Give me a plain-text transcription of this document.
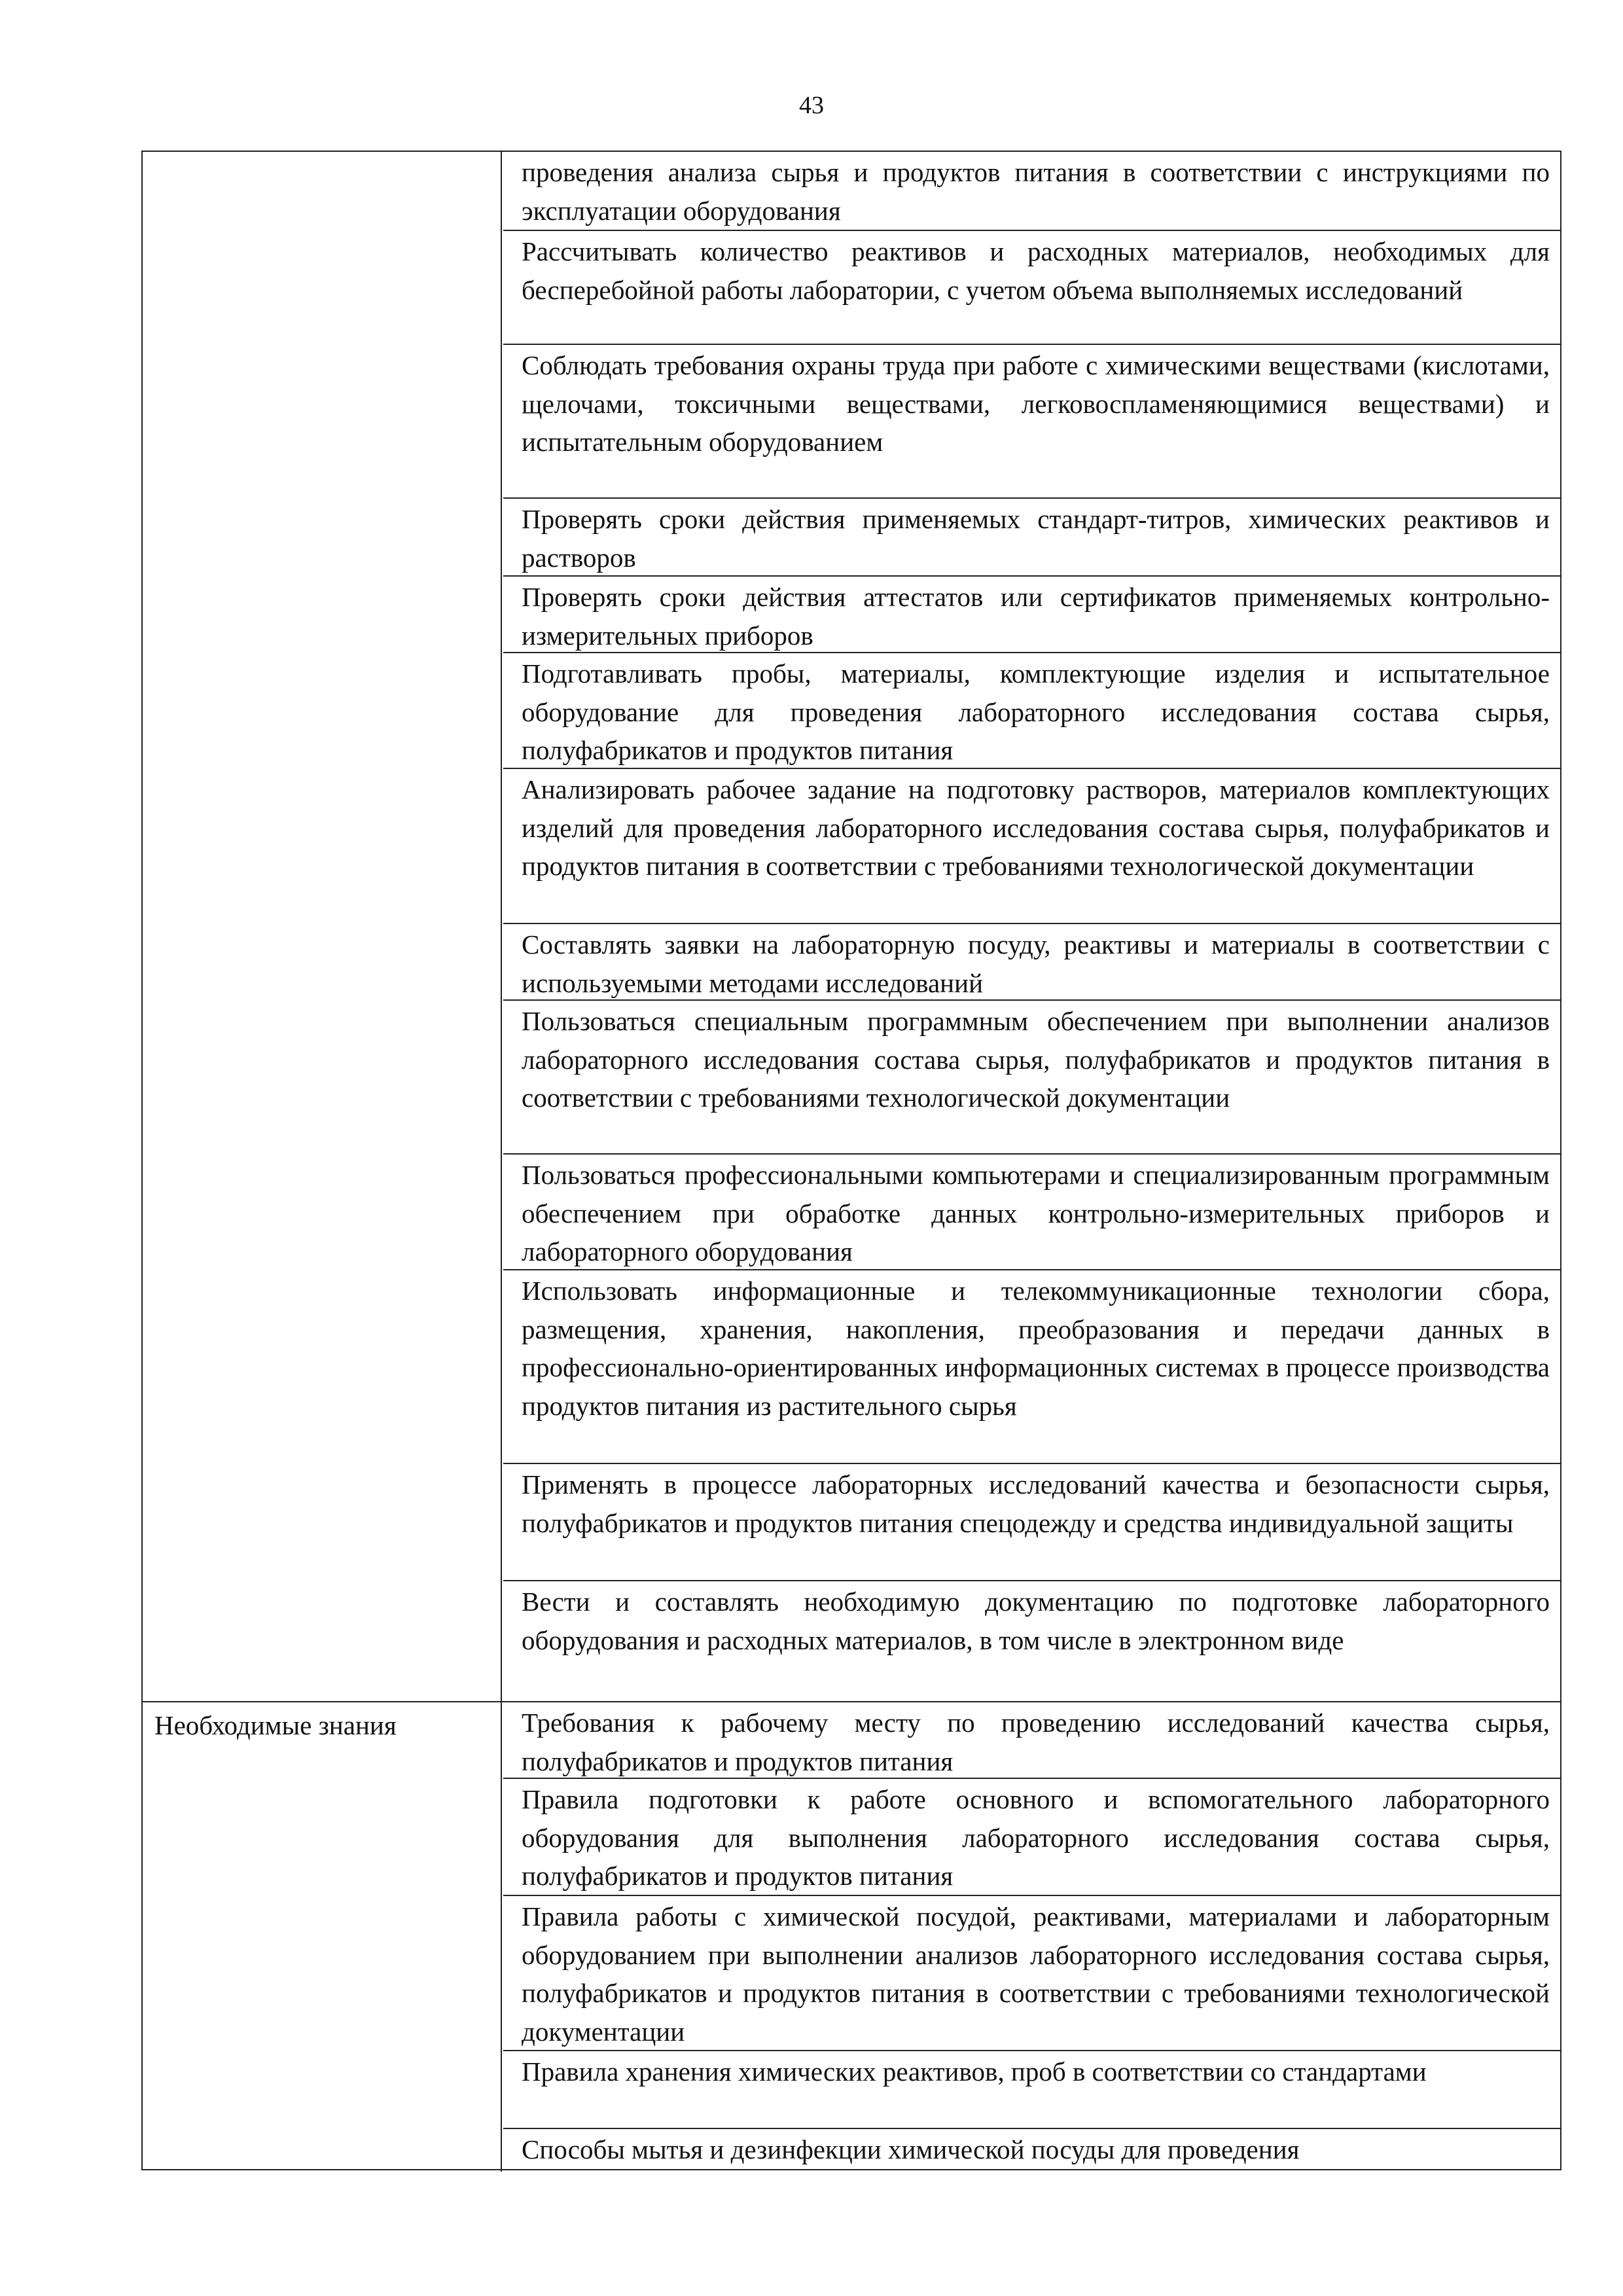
43
проведения анализа сырья и продуктов питания в соответствии с инструкциями по эксплуатации оборудования
Рассчитывать количество реактивов и расходных материалов, необходимых для бесперебойной работы лаборатории, с учетом объема выполняемых исследований
Соблюдать требования охраны труда при работе с химическими веществами (кислотами, щелочами, токсичными веществами, легковоспламеняющимися веществами) и испытательным оборудованием
Проверять сроки действия применяемых стандарт-титров, химических реактивов и растворов
Проверять сроки действия аттестатов или сертификатов применяемых контрольно-измерительных приборов
Подготавливать пробы, материалы, комплектующие изделия и испытательное оборудование для проведения лабораторного исследования состава сырья, полуфабрикатов и продуктов питания
Анализировать рабочее задание на подготовку растворов, материалов комплектующих изделий для проведения лабораторного исследования состава сырья, полуфабрикатов и продуктов питания в соответствии с требованиями технологической документации
Составлять заявки на лабораторную посуду, реактивы и материалы в соответствии с используемыми методами исследований
Пользоваться специальным программным обеспечением при выполнении анализов лабораторного исследования состава сырья, полуфабрикатов и продуктов питания в соответствии с требованиями технологической документации
Пользоваться профессиональными компьютерами и специализированным программным обеспечением при обработке данных контрольно-измерительных приборов и лабораторного оборудования
Использовать информационные и телекоммуникационные технологии сбора, размещения, хранения, накопления, преобразования и передачи данных в профессионально-ориентированных информационных системах в процессе производства продуктов питания из растительного сырья
Применять в процессе лабораторных исследований качества и безопасности сырья, полуфабрикатов и продуктов питания спецодежду и средства индивидуальной защиты
Вести и составлять необходимую документацию по подготовке лабораторного оборудования и расходных материалов, в том числе в электронном виде
Необходимые знания	Требования к рабочему месту по проведению исследований качества сырья, полуфабрикатов и продуктов питания
Правила подготовки к работе основного и вспомогательного лабораторного оборудования для выполнения лабораторного исследования состава сырья, полуфабрикатов и продуктов питания
Правила работы с химической посудой, реактивами, материалами и лабораторным оборудованием при выполнении анализов лабораторного исследования состава сырья, полуфабрикатов и продуктов питания в соответствии с требованиями технологической документации
Правила хранения химических реактивов, проб в соответствии со стандартами
Способы мытья и дезинфекции химической посуды для проведения
